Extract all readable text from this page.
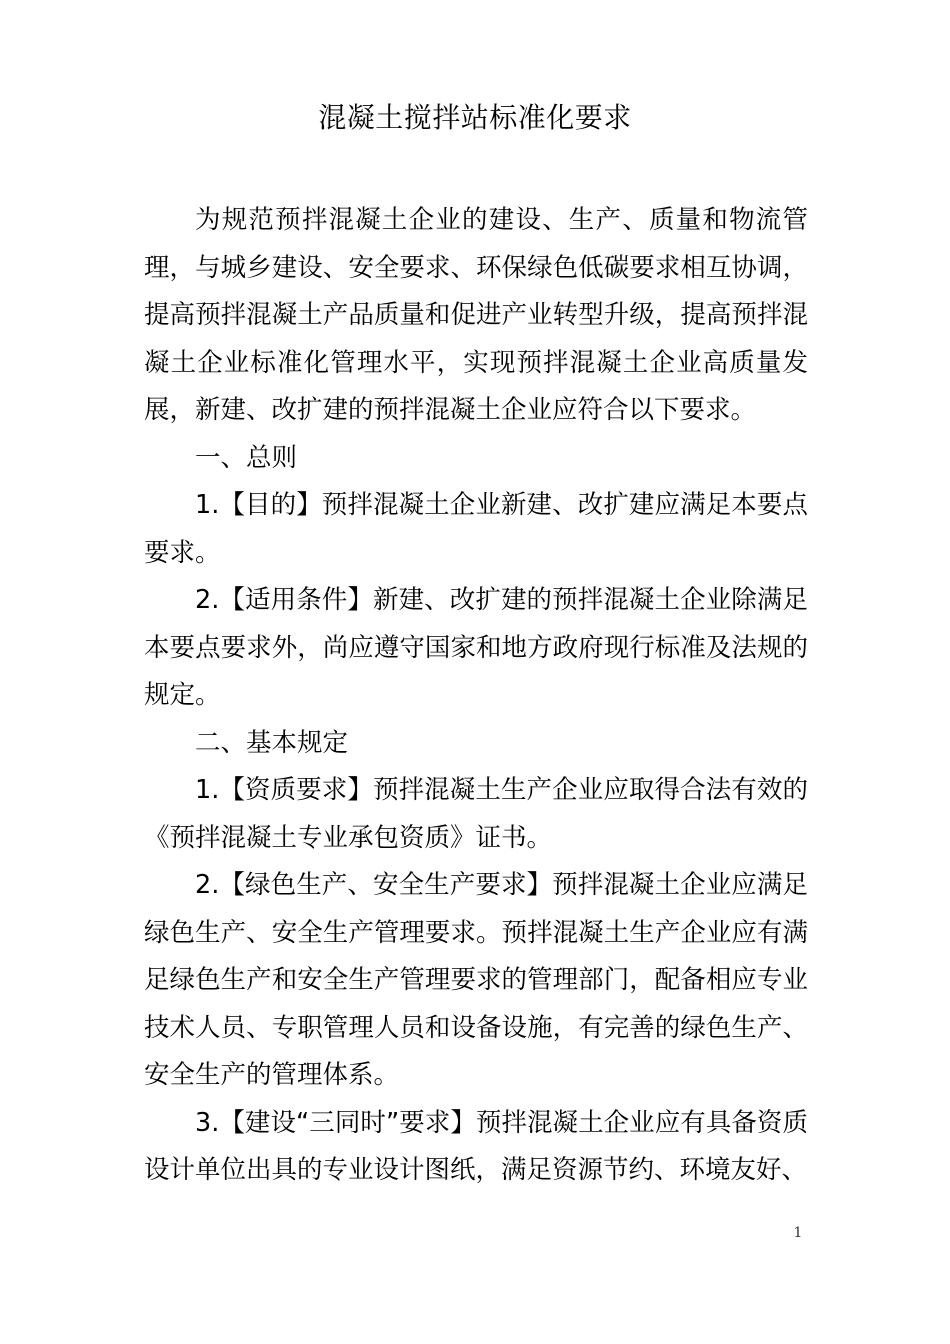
混凝土搅拌站标准化要求

为规范预拌混凝土企业的建设、生产、质量和物流管理，与城乡建设、安全要求、环保绿色低碳要求相互协调，提高预拌混凝土产品质量和促进产业转型升级，提高预拌混凝土企业标准化管理水平，实现预拌混凝土企业高质量发展，新建、改扩建的预拌混凝土企业应符合以下要求。

一、总则

1.【目的】预拌混凝土企业新建、改扩建应满足本要点要求。

2.【适用条件】新建、改扩建的预拌混凝土企业除满足本要点要求外，尚应遵守国家和地方政府现行标准及法规的规定。

二、基本规定

1.【资质要求】预拌混凝土生产企业应取得合法有效的《预拌混凝土专业承包资质》证书。

2.【绿色生产、安全生产要求】预拌混凝土企业应满足绿色生产、安全生产管理要求。预拌混凝土生产企业应有满足绿色生产和安全生产管理要求的管理部门，配备相应专业技术人员、专职管理人员和设备设施，有完善的绿色生产、安全生产的管理体系。

3.【建设“三同时”要求】预拌混凝土企业应有具备资质设计单位出具的专业设计图纸，满足资源节约、环境友好、

1
